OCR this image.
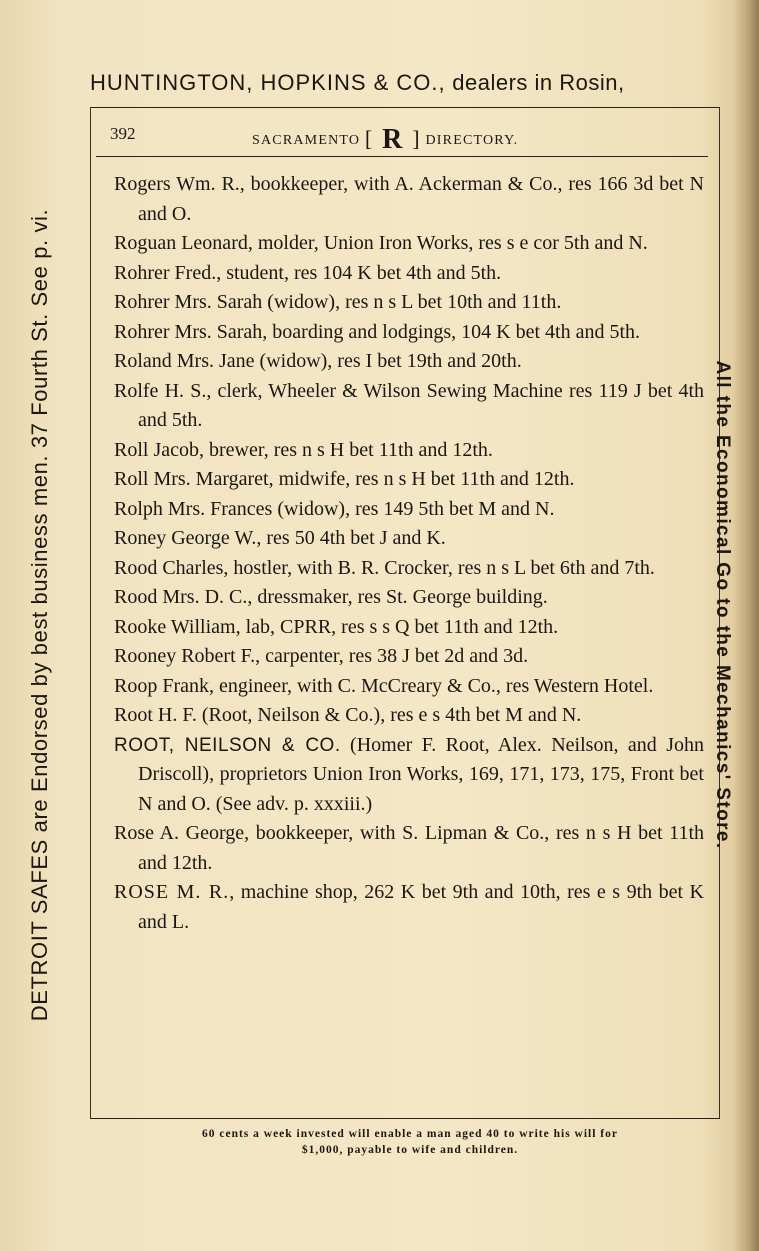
HUNTINGTON, HOPKINS & CO., dealers in Rosin,
392	SACRAMENTO [ R ] DIRECTORY.

Rogers Wm. R., bookkeeper, with A. Ackerman & Co., res 166 3d bet N and O.

Roguan Leonard, molder, Union Iron Works, res s e cor 5th and N.

Rohrer Fred., student, res 104 K bet 4th and 5th.

Rohrer Mrs. Sarah (widow), res n s L bet 10th and 11th.

Rohrer Mrs. Sarah, boarding and lodgings, 104 K bet 4th and 5th.

Roland Mrs. Jane (widow), res I bet 19th and 20th.

Rolfe H. S., clerk, Wheeler & Wilson Sewing Machine res 119 J bet 4th and 5th.

Roll Jacob, brewer, res n s H bet 11th and 12th.

Roll Mrs. Margaret, midwife, res n s H bet 11th and 12th.

Rolph Mrs. Frances (widow), res 149 5th bet M and N.

Roney George W., res 50 4th bet J and K.

Rood Charles, hostler, with B. R. Crocker, res n s L bet 6th and 7th.

Rood Mrs. D. C., dressmaker, res St. George building.

Rooke William, lab, CPRR, res s s Q bet 11th and 12th.

Rooney Robert F., carpenter, res 38 J bet 2d and 3d.

Roop Frank, engineer, with C. McCreary & Co., res Western Hotel.

Root H. F. (Root, Neilson & Co.), res e s 4th bet M and N.

ROOT, NEILSON & CO. (Homer F. Root, Alex. Neilson, and John Driscoll), proprietors Union Iron Works, 169, 171, 173, 175, Front bet N and O. (See adv. p. xxxiii.)

Rose A. George, bookkeeper, with S. Lipman & Co., res n s H bet 11th and 12th.

ROSE M. R., machine shop, 262 K bet 9th and 10th, res e s 9th bet K and L.

DETROIT SAFES are Endorsed by best business men. 37 Fourth St. See p. vi.	All the Economical Go to the Mechanics' Store.
60 cents a week invested will enable a man aged 40 to write his will for
$1,000, payable to wife and children.
